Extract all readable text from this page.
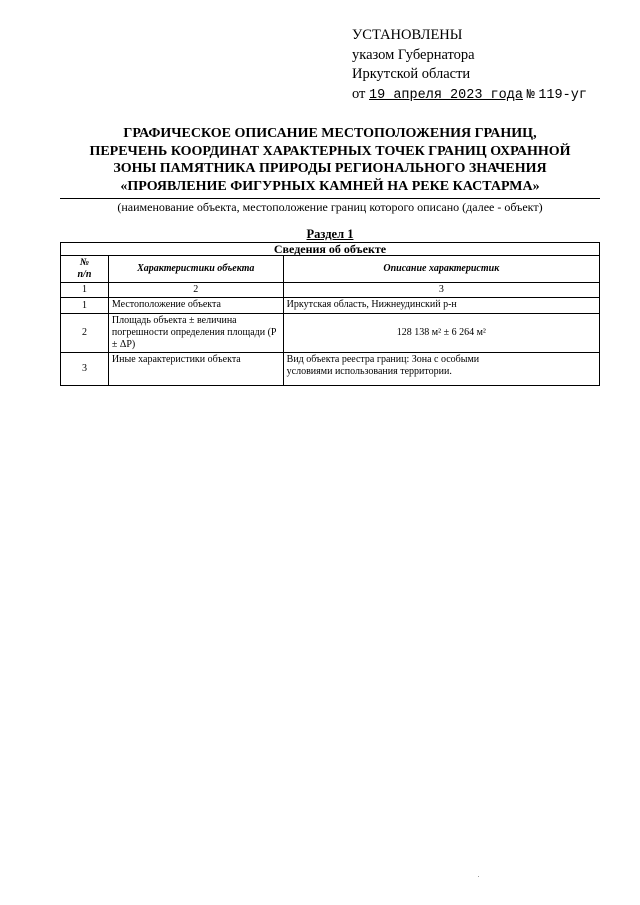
УСТАНОВЛЕНЫ
указом Губернатора
Иркутской области
от 19 апреля 2023 года № 119-уг
ГРАФИЧЕСКОЕ ОПИСАНИЕ МЕСТОПОЛОЖЕНИЯ ГРАНИЦ,
ПЕРЕЧЕНЬ КООРДИНАТ ХАРАКТЕРНЫХ ТОЧЕК ГРАНИЦ ОХРАННОЙ
ЗОНЫ ПАМЯТНИКА ПРИРОДЫ РЕГИОНАЛЬНОГО ЗНАЧЕНИЯ
«ПРОЯВЛЕНИЕ ФИГУРНЫХ КАМНЕЙ НА РЕКЕ КАСТАРМА»
(наименование объекта, местоположение границ которого описано (далее - объект)
Раздел 1
Сведения об объекте		

№
п/п	Характеристики объекта	Описание характеристик
1	2	3
1	Местоположение объекта	Иркутская область, Нижнеудинский р-н
2	Площадь объекта ± величина погрешности определения площади (Р ± ΔР)	128 138 м² ± 6 264 м²
3	Иные характеристики объекта	Вид объекта реестра границ: Зона с особыми
условиями использования территории.
